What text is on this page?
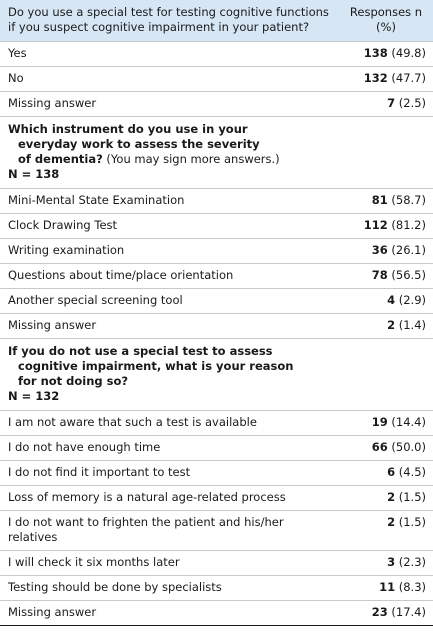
Do you use a special test for testing cognitive functions if you suspect cognitive impairment in your patient?	Responses n (%)
Yes	138 (49.8)
No	132 (47.7)
Missing answer	7 (2.5)
Which instrument do you use in your
everyday work to assess the severity
of dementia? (You may sign more answers.)
N = 138	

Mini-Mental State Examination	81 (58.7)
Clock Drawing Test	112 (81.2)
Writing examination	36 (26.1)
Questions about time/place orientation	78 (56.5)
Another special screening tool	4 (2.9)
Missing answer	2 (1.4)
If you do not use a special test to assess
cognitive impairment, what is your reason
for not doing so?
N = 132	

I am not aware that such a test is available	19 (14.4)
I do not have enough time	66 (50.0)
I do not find it important to test	6 (4.5)
Loss of memory is a natural age-related process	2 (1.5)
I do not want to frighten the patient and his/her relatives	2 (1.5)
I will check it six months later	3 (2.3)
Testing should be done by specialists	11 (8.3)
Missing answer	23 (17.4)
